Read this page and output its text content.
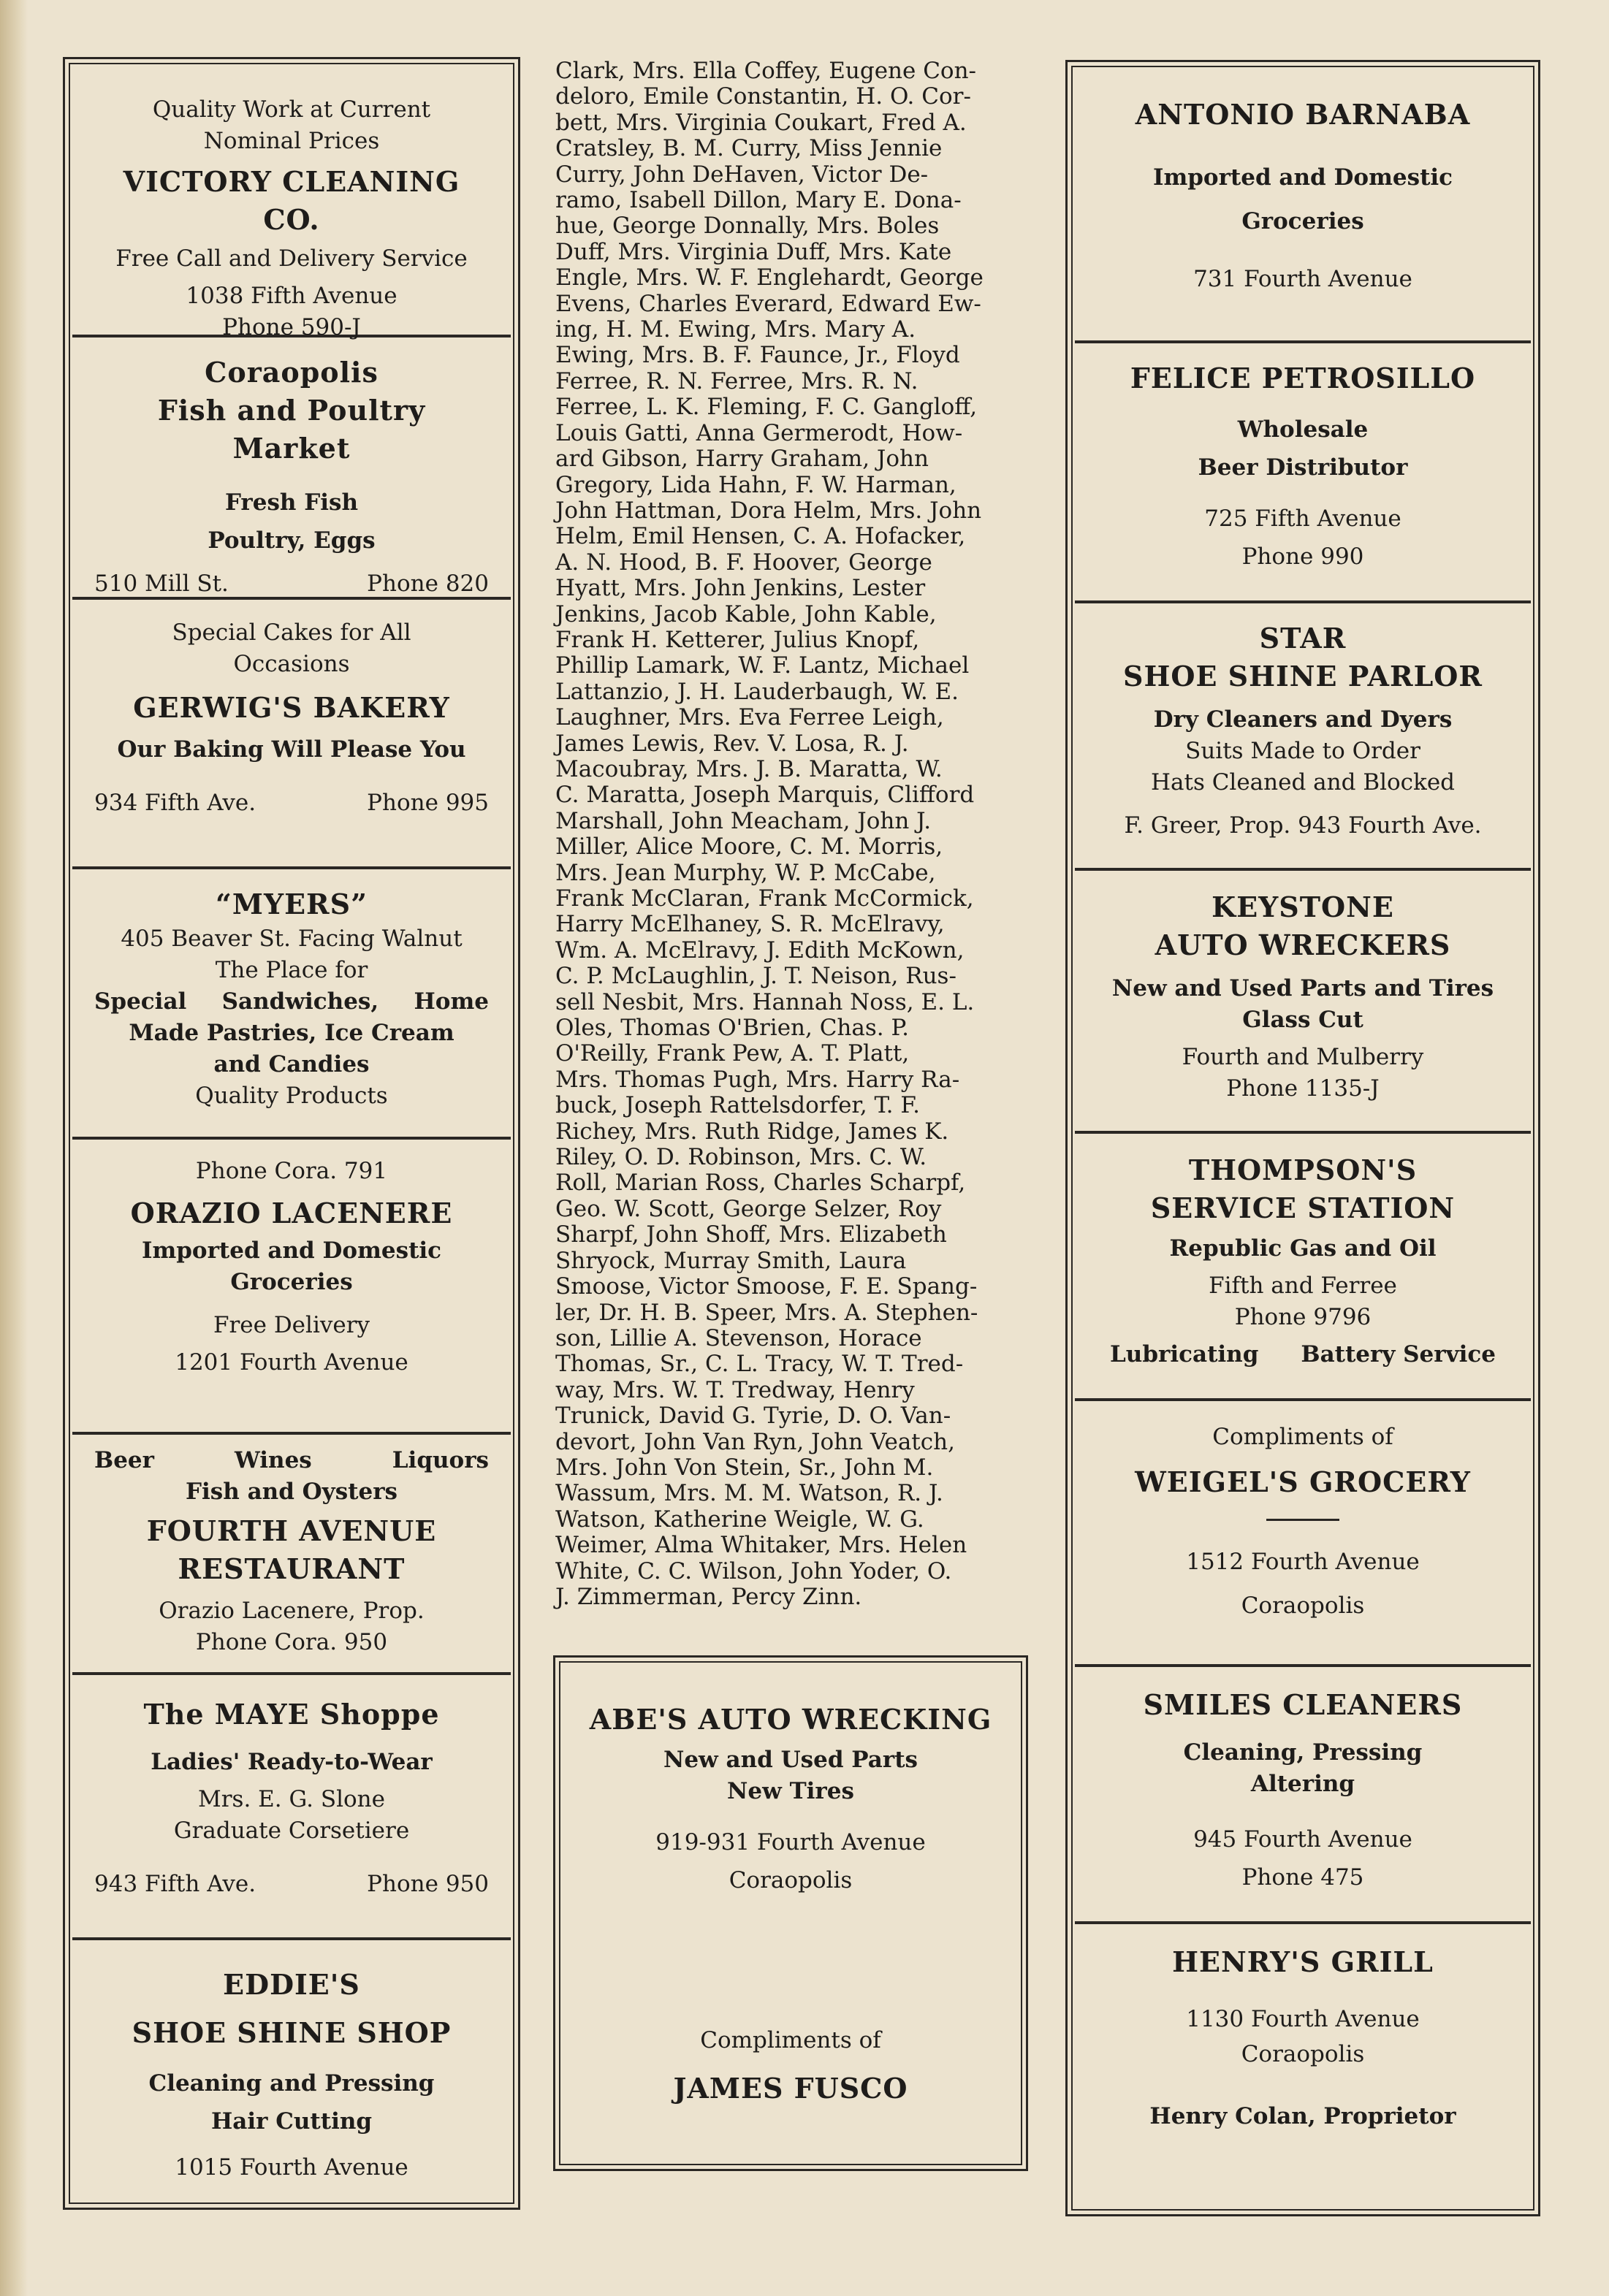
Quality Work at Current
Nominal Prices
VICTORY CLEANING CO.
Free Call and Delivery Service
1038 Fifth Avenue
Phone 590-J
Coraopolis
Fish and Poultry Market
Fresh Fish
Poultry, Eggs
510 Mill St.	Phone 820
Special Cakes for All
Occasions
GERWIG'S BAKERY
Our Baking Will Please You
934 Fifth Ave.	Phone 995
“MYERS”
405 Beaver St. Facing Walnut
The Place for
Special Sandwiches, Home
Made Pastries, Ice Cream
and Candies
Quality Products
Phone Cora. 791
ORAZIO LACENERE
Imported and Domestic
Groceries
Free Delivery
1201 Fourth Avenue
Beer	Wines	Liquors
Fish and Oysters
FOURTH AVENUE
RESTAURANT
Orazio Lacenere, Prop.
Phone Cora. 950
The MAYE Shoppe
Ladies' Ready-to-Wear
Mrs. E. G. Slone
Graduate Corsetiere
943 Fifth Ave.	Phone 950
EDDIE'S
SHOE SHINE SHOP
Cleaning and Pressing
Hair Cutting
1015 Fourth Avenue
Clark, Mrs. Ella Coffey, Eugene Con-
deloro, Emile Constantin, H. O. Cor-
bett, Mrs. Virginia Coukart, Fred A.
Cratsley, B. M. Curry, Miss Jennie
Curry, John DeHaven, Victor De-
ramo, Isabell Dillon, Mary E. Dona-
hue, George Donnally, Mrs. Boles
Duff, Mrs. Virginia Duff, Mrs. Kate
Engle, Mrs. W. F. Englehardt, George
Evens, Charles Everard, Edward Ew-
ing, H. M. Ewing, Mrs. Mary A.
Ewing, Mrs. B. F. Faunce, Jr., Floyd
Ferree, R. N. Ferree, Mrs. R. N.
Ferree, L. K. Fleming, F. C. Gangloff,
Louis Gatti, Anna Germerodt, How-
ard Gibson, Harry Graham, John
Gregory, Lida Hahn, F. W. Harman,
John Hattman, Dora Helm, Mrs. John
Helm, Emil Hensen, C. A. Hofacker,
A. N. Hood, B. F. Hoover, George
Hyatt, Mrs. John Jenkins, Lester
Jenkins, Jacob Kable, John Kable,
Frank H. Ketterer, Julius Knopf,
Phillip Lamark, W. F. Lantz, Michael
Lattanzio, J. H. Lauderbaugh, W. E.
Laughner, Mrs. Eva Ferree Leigh,
James Lewis, Rev. V. Losa, R. J.
Macoubray, Mrs. J. B. Maratta, W.
C. Maratta, Joseph Marquis, Clifford
Marshall, John Meacham, John J.
Miller, Alice Moore, C. M. Morris,
Mrs. Jean Murphy, W. P. McCabe,
Frank McClaran, Frank McCormick,
Harry McElhaney, S. R. McElravy,
Wm. A. McElravy, J. Edith McKown,
C. P. McLaughlin, J. T. Neison, Rus-
sell Nesbit, Mrs. Hannah Noss, E. L.
Oles, Thomas O'Brien, Chas. P.
O'Reilly, Frank Pew, A. T. Platt,
Mrs. Thomas Pugh, Mrs. Harry Ra-
buck, Joseph Rattelsdorfer, T. F.
Richey, Mrs. Ruth Ridge, James K.
Riley, O. D. Robinson, Mrs. C. W.
Roll, Marian Ross, Charles Scharpf,
Geo. W. Scott, George Selzer, Roy
Sharpf, John Shoff, Mrs. Elizabeth
Shryock, Murray Smith, Laura
Smoose, Victor Smoose, F. E. Spang-
ler, Dr. H. B. Speer, Mrs. A. Stephen-
son, Lillie A. Stevenson, Horace
Thomas, Sr., C. L. Tracy, W. T. Tred-
way, Mrs. W. T. Tredway, Henry
Trunick, David G. Tyrie, D. O. Van-
devort, John Van Ryn, John Veatch,
Mrs. John Von Stein, Sr., John M.
Wassum, Mrs. M. M. Watson, R. J.
Watson, Katherine Weigle, W. G.
Weimer, Alma Whitaker, Mrs. Helen
White, C. C. Wilson, John Yoder, O.
J. Zimmerman, Percy Zinn.
ABE'S AUTO WRECKING
New and Used Parts
New Tires
919-931 Fourth Avenue
Coraopolis
Compliments of
JAMES FUSCO
ANTONIO BARNABA
Imported and Domestic
Groceries
731 Fourth Avenue
FELICE PETROSILLO
Wholesale
Beer Distributor
725 Fifth Avenue
Phone 990
STAR
SHOE SHINE PARLOR
Dry Cleaners and Dyers
Suits Made to Order
Hats Cleaned and Blocked
F. Greer, Prop. 943 Fourth Ave.
KEYSTONE
AUTO WRECKERS
New and Used Parts and Tires
Glass Cut
Fourth and Mulberry
Phone 1135-J
THOMPSON'S
SERVICE STATION
Republic Gas and Oil
Fifth and Ferree
Phone 9796
Lubricating Battery Service
Compliments of
WEIGEL'S GROCERY
1512 Fourth Avenue
Coraopolis
SMILES CLEANERS
Cleaning, Pressing
Altering
945 Fourth Avenue
Phone 475
HENRY'S GRILL
1130 Fourth Avenue
Coraopolis
Henry Colan, Proprietor
